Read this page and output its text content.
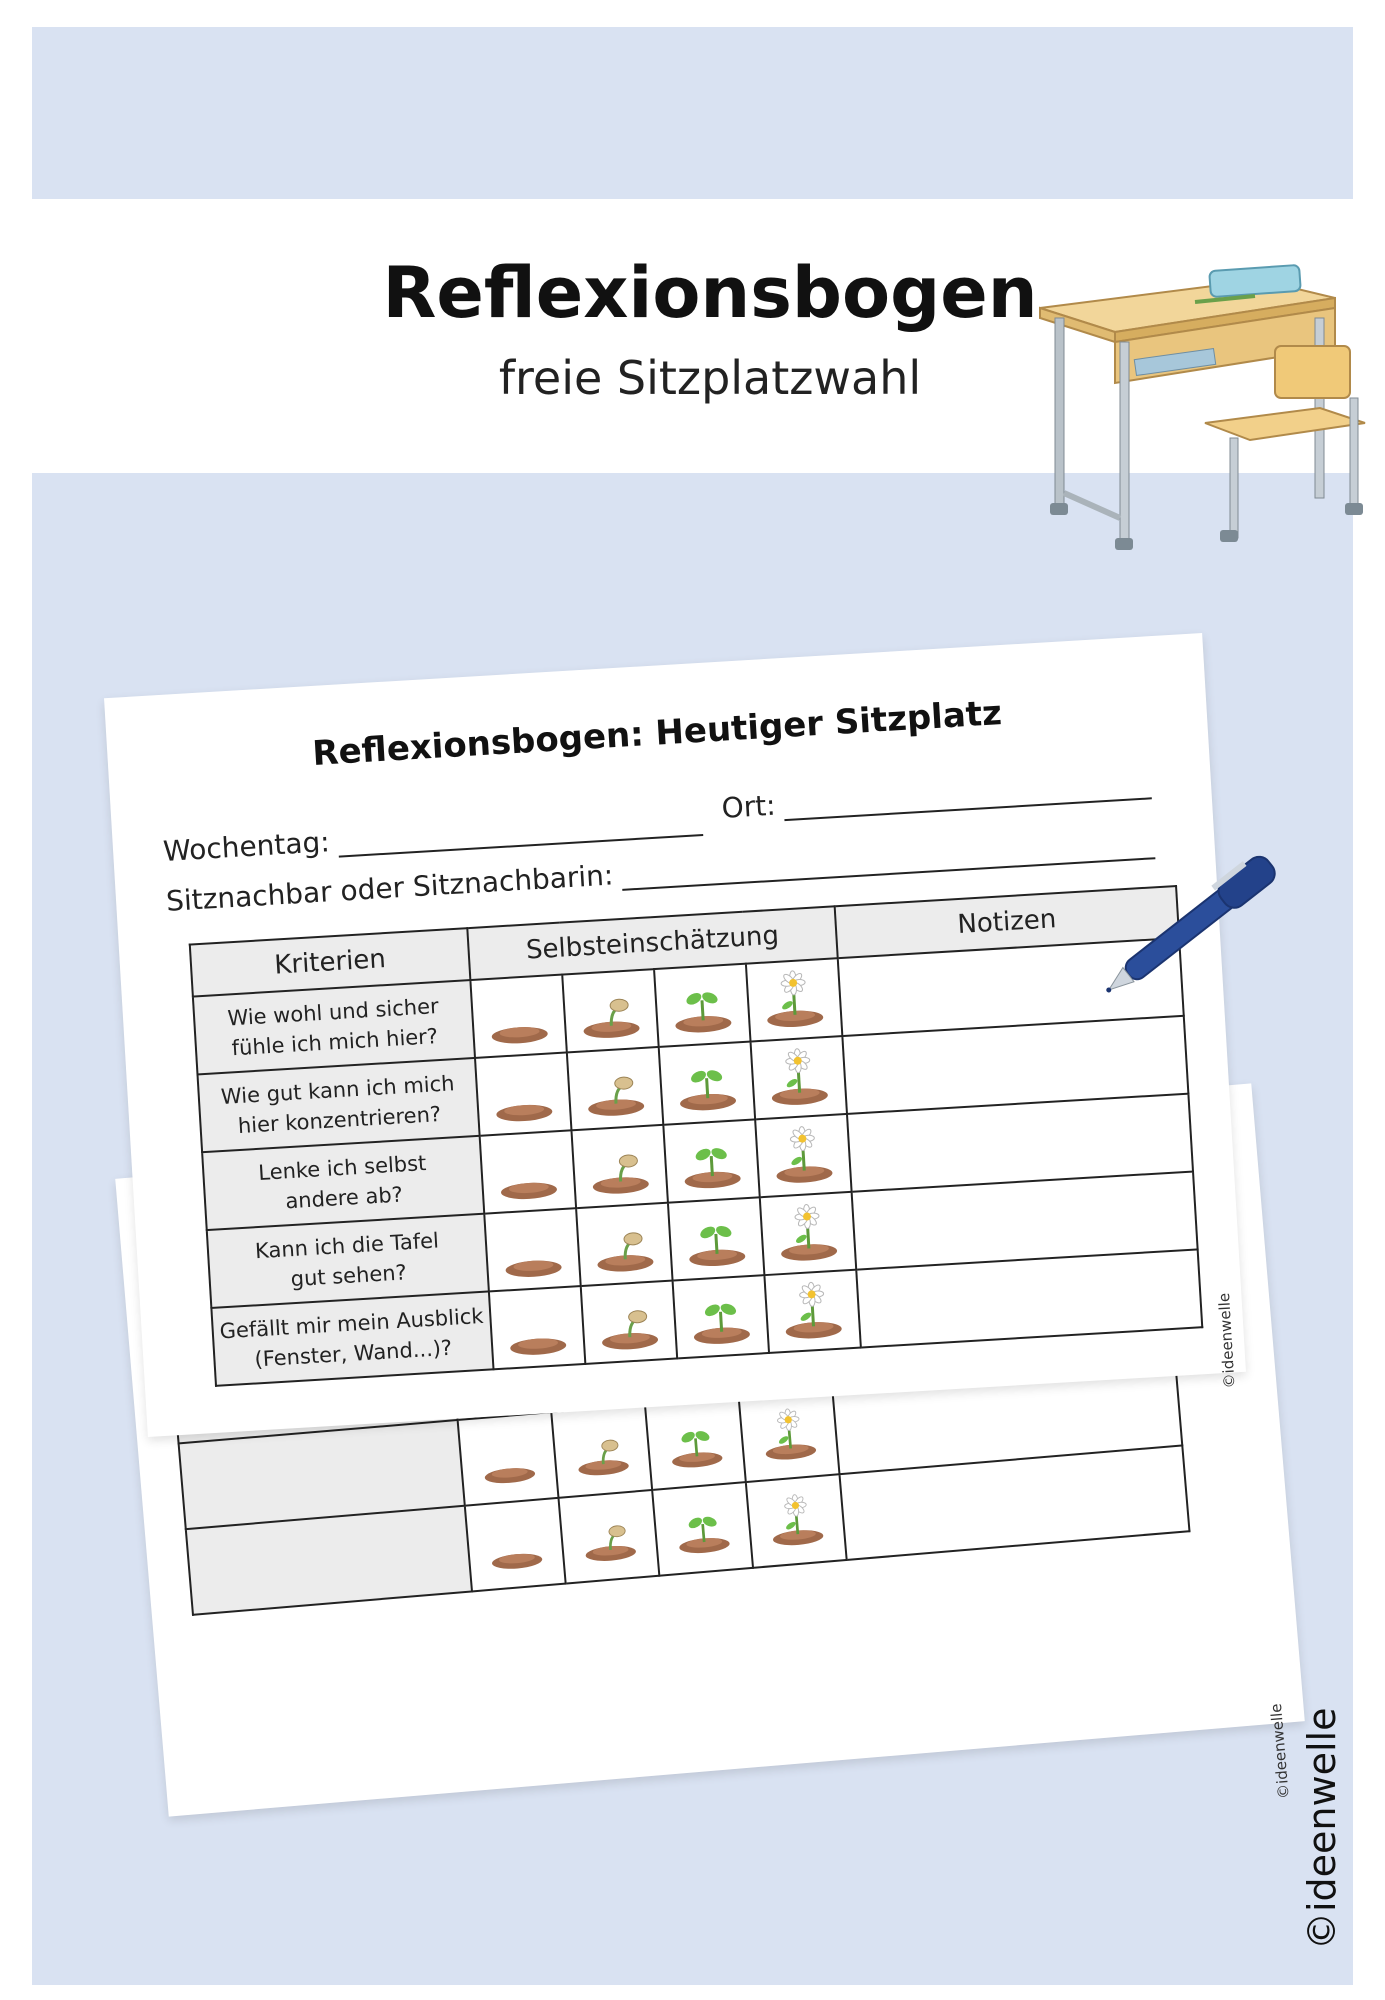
Reflexionsbogen
freie Sitzplatzwahl

©ideenwelle
Reflexionsbogen: Heutiger Sitzplatz
Wochentag:
Ort:
Sitznachbar oder Sitznachbarin:
Kriterien	Selbsteinschätzung				Notizen

Wie wohl und sicher
fühle ich mich hier?

Wie gut kann ich mich
hier konzentrieren?

Lenke ich selbst
andere ab?

Kann ich die Tafel
gut sehen?

Gefällt mir mein Ausblick
(Fenster, Wand...)?
						©ideenwelle
©ideenwelle
